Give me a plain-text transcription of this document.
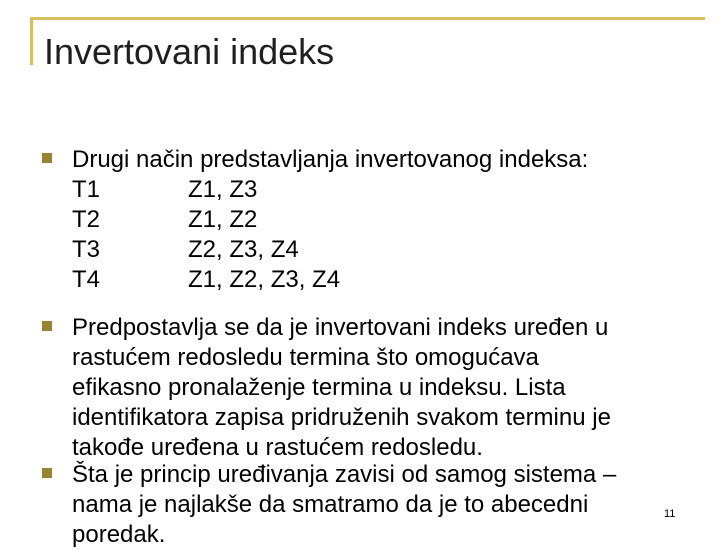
Invertovani indeks
Drugi način predstavljanja invertovanog indeksa:
T1	Z1, Z3
T2	Z1, Z2
T3	Z2, Z3, Z4
T4	Z1, Z2, Z3, Z4
Predpostavlja se da je invertovani indeks uređen u
rastućem redosledu termina što omogućava
efikasno pronalaženje termina u indeksu. Lista
identifikatora zapisa pridruženih svakom terminu je
takođe uređena u rastućem redosledu.
Šta je princip uređivanja zavisi od samog sistema –
nama je najlakše da smatramo da je to abecedni
poredak.
11
